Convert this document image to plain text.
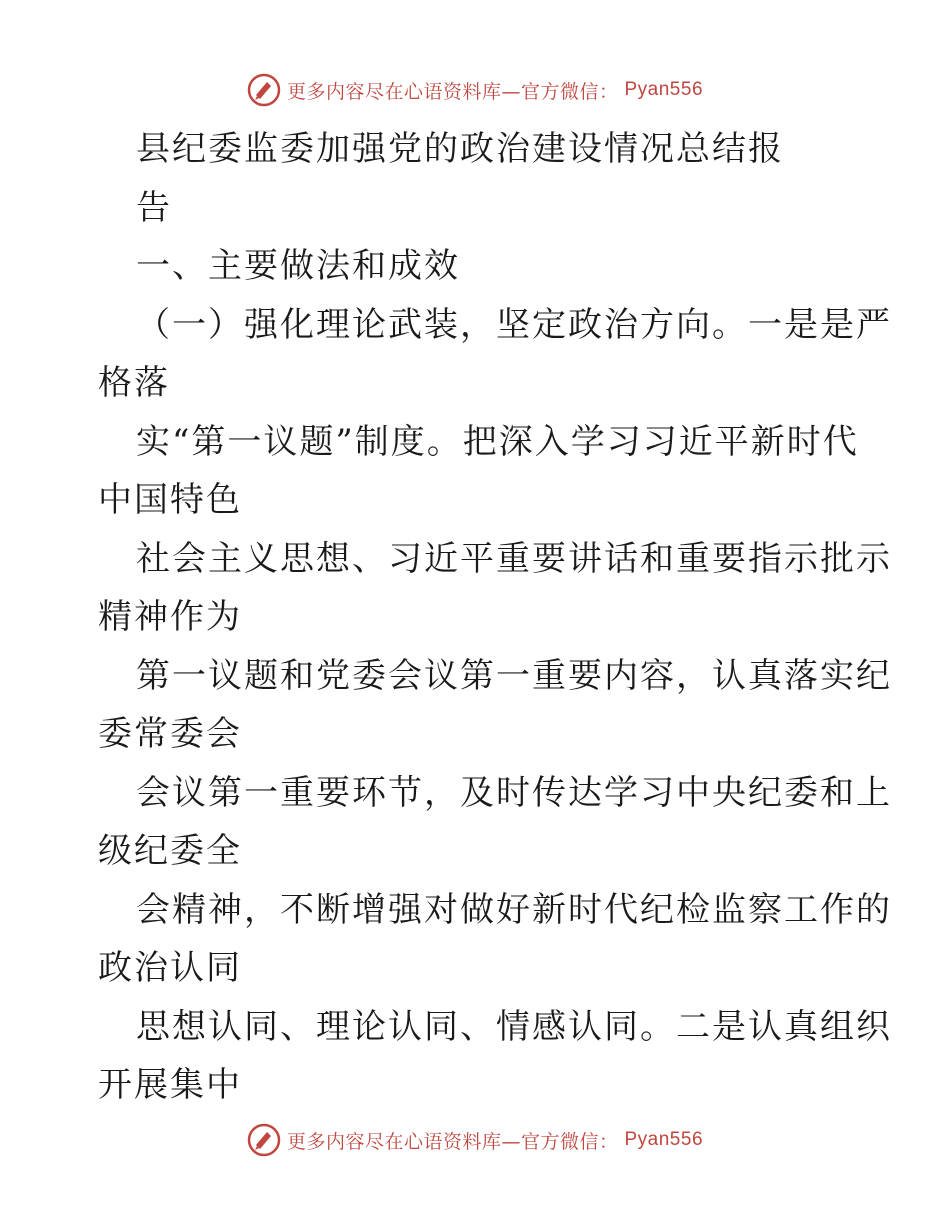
更多内容尽在心语资料库—官方微信： Pyan556
县纪委监委加强党的政治建设情况总结报
告
一、主要做法和成效
（一）强化理论武装，坚定政治方向。一是是严
格落
实“第一议题”制度。把深入学习习近平新时代
中国特色
社会主义思想、习近平重要讲话和重要指示批示
精神作为
第一议题和党委会议第一重要内容，认真落实纪
委常委会
会议第一重要环节，及时传达学习中央纪委和上
级纪委全
会精神，不断增强对做好新时代纪检监察工作的
政治认同
思想认同、理论认同、情感认同。二是认真组织
开展集中
更多内容尽在心语资料库—官方微信： Pyan556
